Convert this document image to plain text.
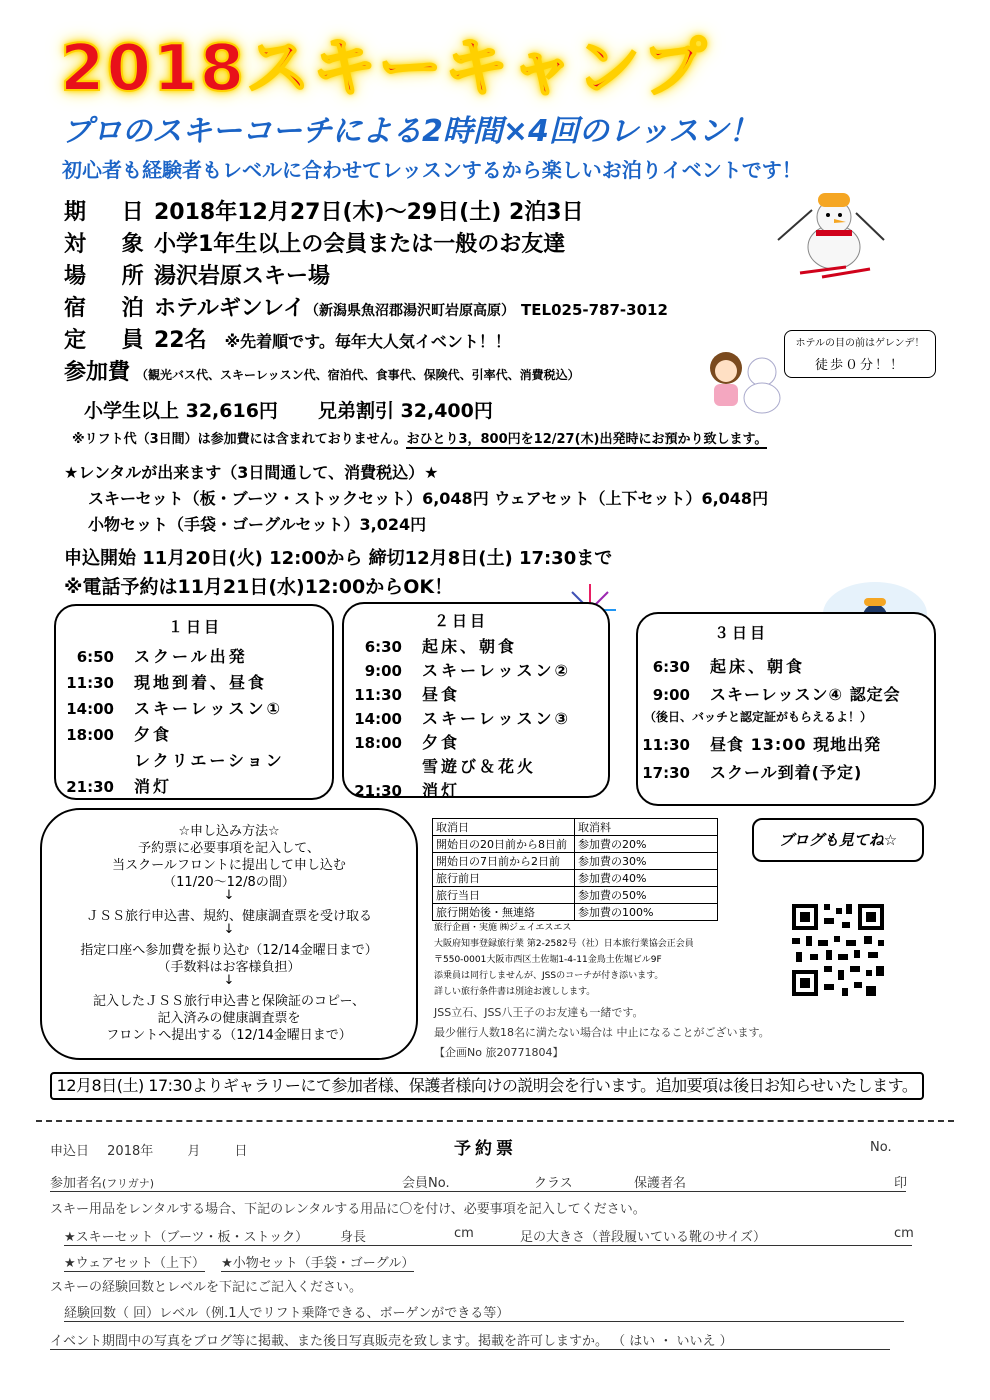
2018スキーキャンプ
プロのスキーコーチによる2時間×4回のレッスン！
初心者も経験者もレベルに合わせてレッスンするから楽しいお泊りイベントです！
期 日2018年12月27日(木)～29日(土) 2泊3日
対 象小学1年生以上の会員または一般のお友達
場 所湯沢岩原スキー場
宿 泊ホテルギンレイ（新潟県魚沼郡湯沢町岩原高原） TEL025-787-3012
定 員22名 ※先着順です。毎年大人気イベント！！	ホテルの目の前はゲレンデ！
徒歩０分！！
参加費 （観光バス代、スキーレッスン代、宿泊代、食事代、保険代、引率代、消費税込）
小学生以上 32,616円 兄弟割引 32,400円
※リフト代（3日間）は参加費には含まれておりません。おひとり3，800円を12/27(木)出発時にお預かり致します。
★レンタルが出来ます（3日間通して、消費税込）★
スキーセット（板・ブーツ・ストックセット）6,048円 ウェアセット（上下セット）6,048円
小物セット（手袋・ゴーグルセット）3,024円
申込開始 11月20日(火) 12:00から 締切12月8日(土) 17:30まで
※電話予約は11月21日(水)12:00からOK！
１日目
6:50 スクール出発
11:30 現地到着、昼食
14:00 スキーレッスン①
18:00 夕食
レクリエーション
21:30 消灯
２日目
6:30 起床、朝食
9:00 スキーレッスン②
11:30 昼食
14:00 スキーレッスン③
18:00 夕食
雪遊び＆花火
21:30 消灯
３日目
6:30 起床、朝食
9:00 スキーレッスン④ 認定会
（後日、バッチと認定証がもらえるよ！）
11:30 昼食 13:00 現地出発
17:30 スクール到着(予定)
☆申し込み方法☆
予約票に必要事項を記入して、
当スクールフロントに提出して申し込む
（11/20～12/8の間）
↓
ＪＳＳ旅行申込書、規約、健康調査票を受け取る
↓
指定口座へ参加費を振り込む（12/14金曜日まで）
（手数料はお客様負担）
↓
記入したＪＳＳ旅行申込書と保険証のコピー、
記入済みの健康調査票を
フロントへ提出する（12/14金曜日まで）
取消日	取消料
開始日の20日前から8日前	参加費の20%
開始日の7日前から2日前	参加費の30%
旅行前日	参加費の40%
旅行当日	参加費の50%
旅行開始後・無連絡	参加費の100%
旅行企画・実施 ㈱ジェイエスエス
大阪府知事登録旅行業 第2-2582号（社）日本旅行業協会正会員
〒550-0001大阪市西区土佐堀1-4-11金鳥土佐堀ビル9F
添乗員は同行しませんが、JSSのコーチが付き添います。
詳しい旅行条件書は別途お渡しします。
JSS立石、JSS八王子のお友達も一緒です。
最少催行人数18名に満たない場合は 中止になることがございます。
【企画No 旅20771804】
ブログも見てね☆
12月8日(土) 17:30よりギャラリーにて参加者様、保護者様向けの説明会を行います。追加要項は後日お知らせいたします。
申込日 2018年	月	日	予約票	No.
参加者名(フリガナ)	会員No.	クラス	保護者名	印
スキー用品をレンタルする場合、下記のレンタルする用品に〇を付け、必要事項を記入してください。
★スキーセット（ブーツ・板・ストック） 身長	cm	足の大きさ（普段履いている靴のサイズ）	cm
★ウェアセット（上下） ★小物セット（手袋・ゴーグル）
スキーの経験回数とレベルを下記にご記入ください。
経験回数（ 回）レベル（例.1人でリフト乗降できる、ボーゲンができる等）
イベント期間中の写真をブログ等に掲載、また後日写真販売を致します。掲載を許可しますか。 （ はい ・ いいえ ）
